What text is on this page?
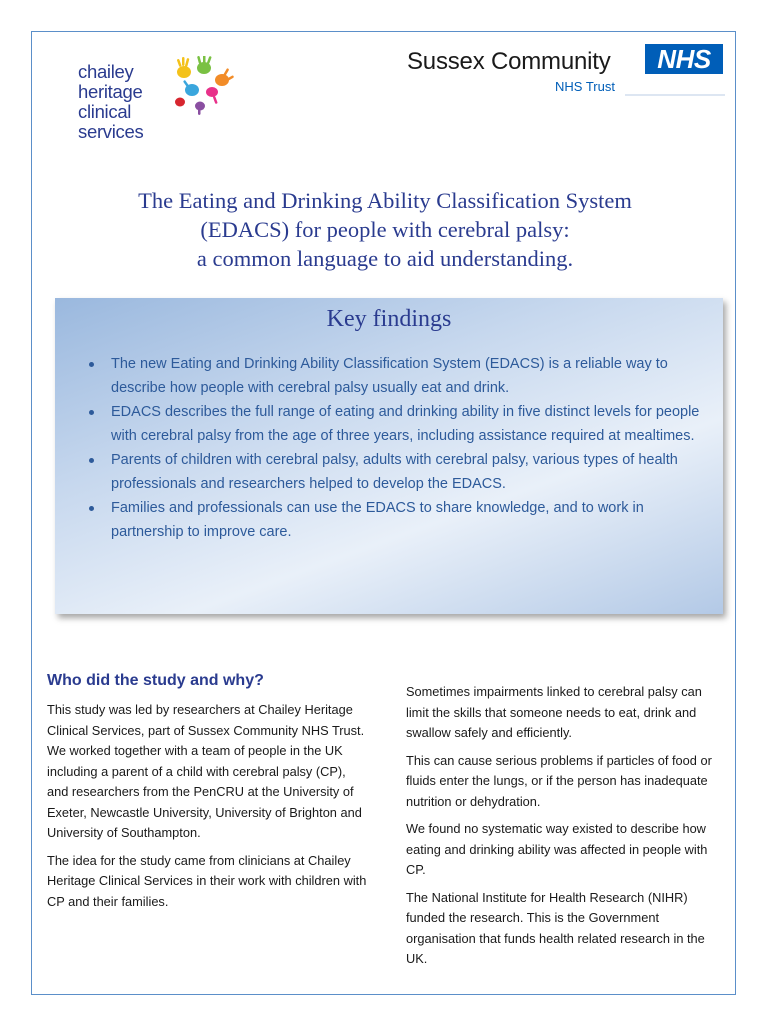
chailey
heritage
clinical
services
Sussex Community	NHS
NHS Trust
The Eating and Drinking Ability Classification System
(EDACS) for people with cerebral palsy:
a common language to aid understanding.
Key findings
The new Eating and Drinking Ability Classification System (EDACS) is a reliable way to describe how people with cerebral palsy usually eat and drink.
EDACS describes the full range of eating and drinking ability in five distinct levels for people with cerebral palsy from the age of three years, including assistance required at mealtimes.
Parents of children with cerebral palsy, adults with cerebral palsy, various types of health professionals and researchers helped to develop the EDACS.
Families and professionals can use the EDACS to share knowledge, and to work in partnership to improve care.
Who did the study and why?

This study was led by researchers at Chailey Heritage Clinical Services, part of Sussex Community NHS Trust. We worked together with a team of people in the UK including a parent of a child with cerebral palsy (CP), and researchers from the PenCRU at the University of Exeter, Newcastle University, University of Brighton and University of Southampton.

The idea for the study came from clinicians at Chailey Heritage Clinical Services in their work with children with CP and their families.

Sometimes impairments linked to cerebral palsy can limit the skills that someone needs to eat, drink and swallow safely and efficiently.

This can cause serious problems if particles of food or fluids enter the lungs, or if the person has inadequate nutrition or dehydration.

We found no systematic way existed to describe how eating and drinking ability was affected in people with CP.

The National Institute for Health Research (NIHR) funded the research. This is the Government organisation that funds health related research in the UK.
